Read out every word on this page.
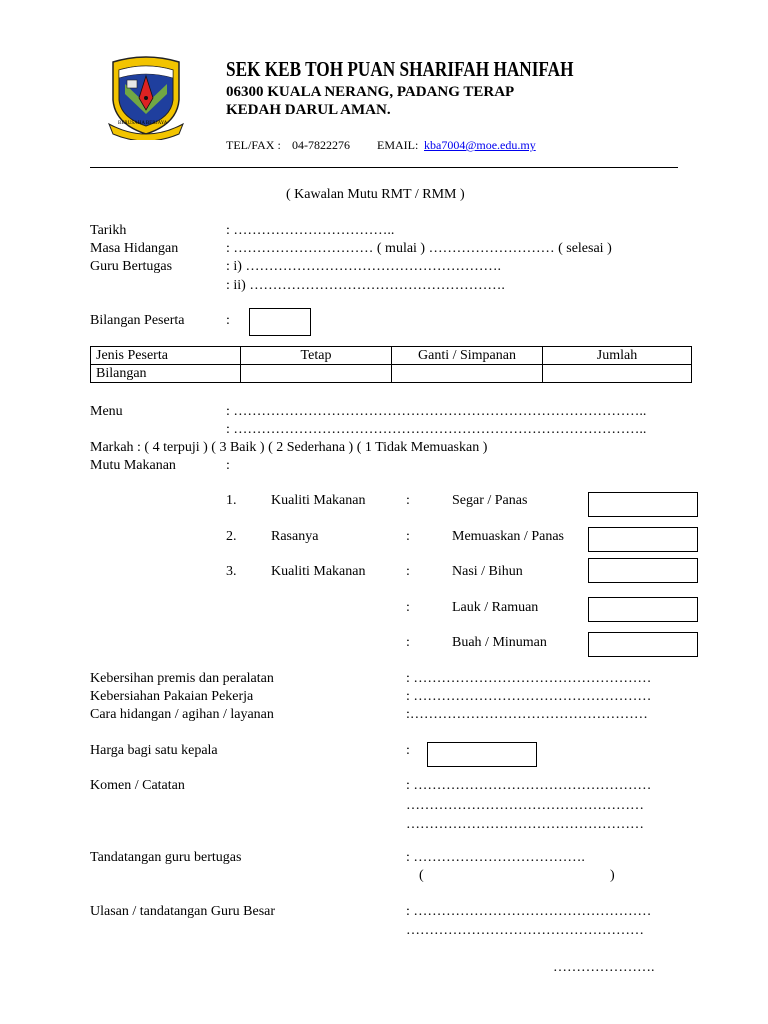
BERUSAHA BERJAYA
SEK KEB TOH PUAN SHARIFAH HANIFAH
06300 KUALA NERANG, PADANG TERAP
KEDAH DARUL AMAN.
TEL/FAX : 04-7822276 EMAIL: kba7004@moe.edu.my
( Kawalan Mutu RMT / RMM )
Tarikh	: ……………………………..
Masa Hidangan	: ………………………… ( mulai ) ……………………… ( selesai )
Guru Bertugas	: i) ……………………………………………….
: ii) ……………………………………………….
Bilangan Peserta	:
Jenis Peserta	Tetap	Ganti / Simpanan	Jumlah
Bilangan			
Menu	: ……………………………………………………………………………..
: ……………………………………………………………………………..
Markah : ( 4 terpuji ) ( 3 Baik ) ( 2 Sederhana ) ( 1 Tidak Memuaskan )
Mutu Makanan	:
1. Kualiti Makanan	:	Segar / Panas
2. Rasanya	:	Memuaskan / Panas
3. Kualiti Makanan	:	Nasi / Bihun
:	Lauk / Ramuan
:	Buah / Minuman
Kebersihan premis dan peralatan	: ……………………………………………
Kebersiahan Pakaian Pekerja	: ……………………………………………
Cara hidangan / agihan / layanan	:……………………………………………
Harga bagi satu kepala	:
Komen / Catatan	: ……………………………………………
……………………………………………
……………………………………………
Tandatangan guru bertugas	: ……………………………….
(	)
Ulasan / tandatangan Guru Besar	: ……………………………………………
……………………………………………
………………….
